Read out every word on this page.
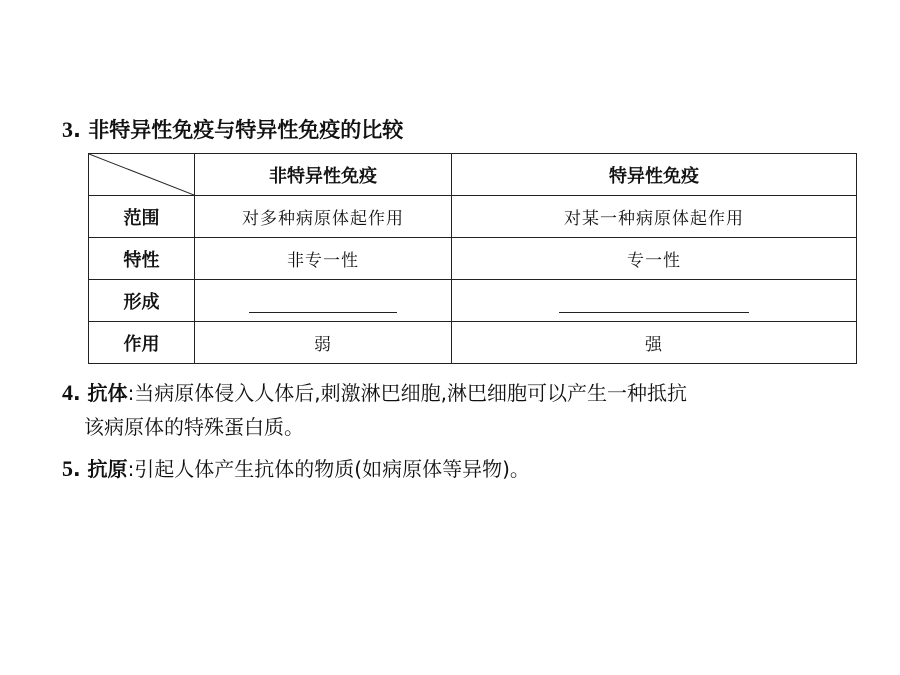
3. 非特异性免疫与特异性免疫的比较
	非特异性免疫	特异性免疫
范围	对多种病原体起作用	对某一种病原体起作用
特性	非专一性	专一性
形成		
作用	弱	强
4. 抗体:当病原体侵入人体后,刺激淋巴细胞,淋巴细胞可以产生一种抵抗
该病原体的特殊蛋白质。
5. 抗原:引起人体产生抗体的物质(如病原体等异物)。
